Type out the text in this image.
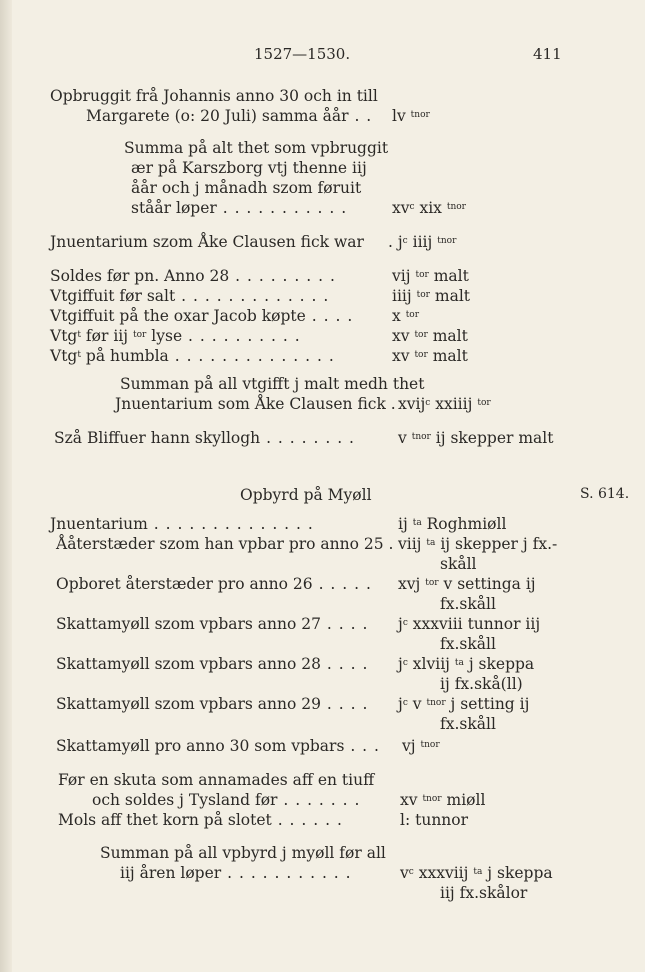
1527—1530.	411
Opbruggit frå Johannis anno 30 och in till
Margarete (o: 20 Juli) samma åår . . lv $^{tnor}$
Summa på alt thet som vpbruggit
ær på Karszborg vtj thenne iij
åår och j månadh szom føruit
ståår løper . . . . . . . . . . .	$xv^c$ xix $^{tnor}$
Jnuentarium szom Åke Clausen fick war . $j^c$ iiij $^{tnor}$
Soldes før pn. Anno 28 . . . . . . . . .	vij $^{tor}$ malt
Vtgiffuit før salt . . . . . . . . . . . . .	iiij $^{tor}$ malt
Vtgiffuit på the oxar Jacob køpte . . . .	x $^{tor}$
Vtg$^t$ før iij $^{tor}$ lyse . . . . . . . . . .	xv $^{tor}$ malt
Vtg$^t$ på humbla . . . . . . . . . . . . . .	xv $^{tor}$ malt
Summan på all vtgifft j malt medh thet
Jnuentarium som Åke Clausen fick . xvij$^c$ xxiiij $^{tor}$
Szå Bliffuer hann skyllogh . . . . . . . .	v $^{tnor}$ ij skepper malt
Opbyrd på Myøll	S. 614.
Jnuentarium . . . . . . . . . . . . . .	ij $^{ta}$ Roghmiøll
Ååterstæder szom han vpbar pro anno 25 . viij $^{ta}$ ij skepper j fx.-
skåll
Opboret återstæder pro anno 26 . . . . . xvj $^{tor}$ v settinga ij
fx.skåll
Skattamyøll szom vpbars anno 27 . . . . $j^c$ xxxviii tunnor iij
fx.skåll
Skattamyøll szom vpbars anno 28 . . . . $j^c$ xlviij $^{ta}$ j skeppa
ij fx.skå(ll)
Skattamyøll szom vpbars anno 29 . . . . $j^c$ v $^{tnor}$ j setting ij
fx.skåll
Skattamyøll pro anno 30 som vpbars . . . vj $^{tnor}$
Før en skuta som annamades aff en tiuff
och soldes j Tysland før . . . . . . .	xv $^{tnor}$ miøll
Mols aff thet korn på slotet . . . . . .	l: tunnor
Summan på all vpbyrd j myøll før all
iij åren løper . . . . . . . . . . .	$v^c$ xxxviij $^{ta}$ j skeppa
iij fx.skålor
